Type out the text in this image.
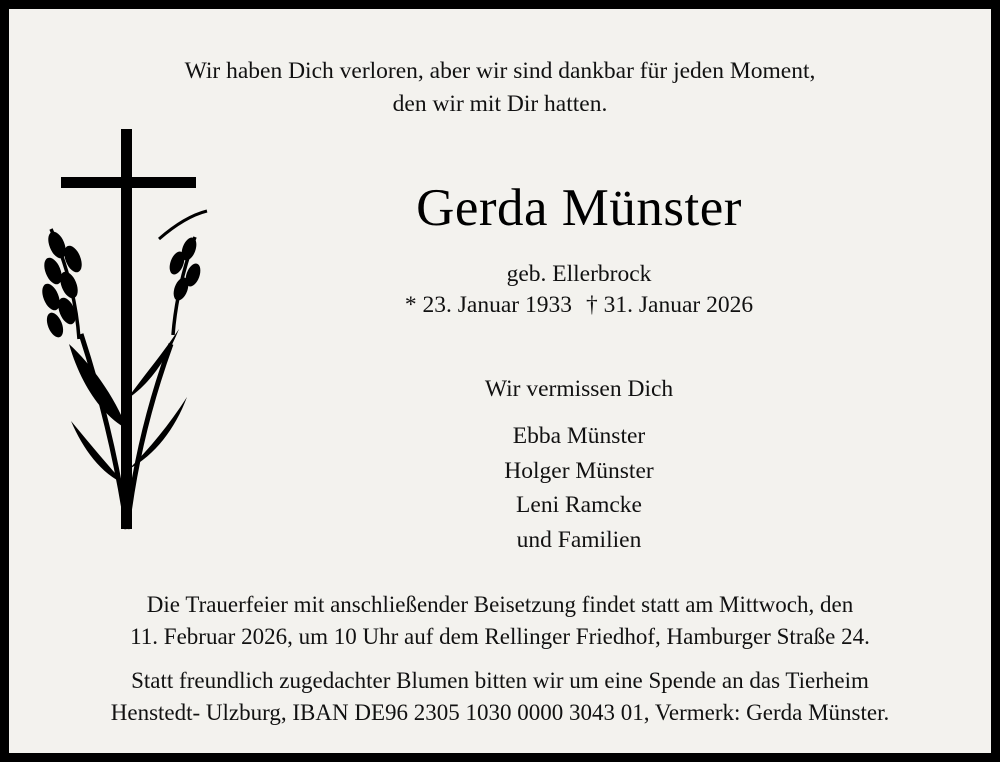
Wir haben Dich verloren, aber wir sind dankbar für jeden Moment,
den wir mit Dir hatten.
Gerda Münster
geb. Ellerbrock
* 23. Januar 1933 † 31. Januar 2026
Wir vermissen Dich
Ebba Münster
Holger Münster
Leni Ramcke
und Familien
Die Trauerfeier mit anschließender Beisetzung findet statt am Mittwoch, den
11. Februar 2026, um 10 Uhr auf dem Rellinger Friedhof, Hamburger Straße 24.
Statt freundlich zugedachter Blumen bitten wir um eine Spende an das Tierheim
Henstedt- Ulzburg, IBAN DE96 2305 1030 0000 3043 01, Vermerk: Gerda Münster.
